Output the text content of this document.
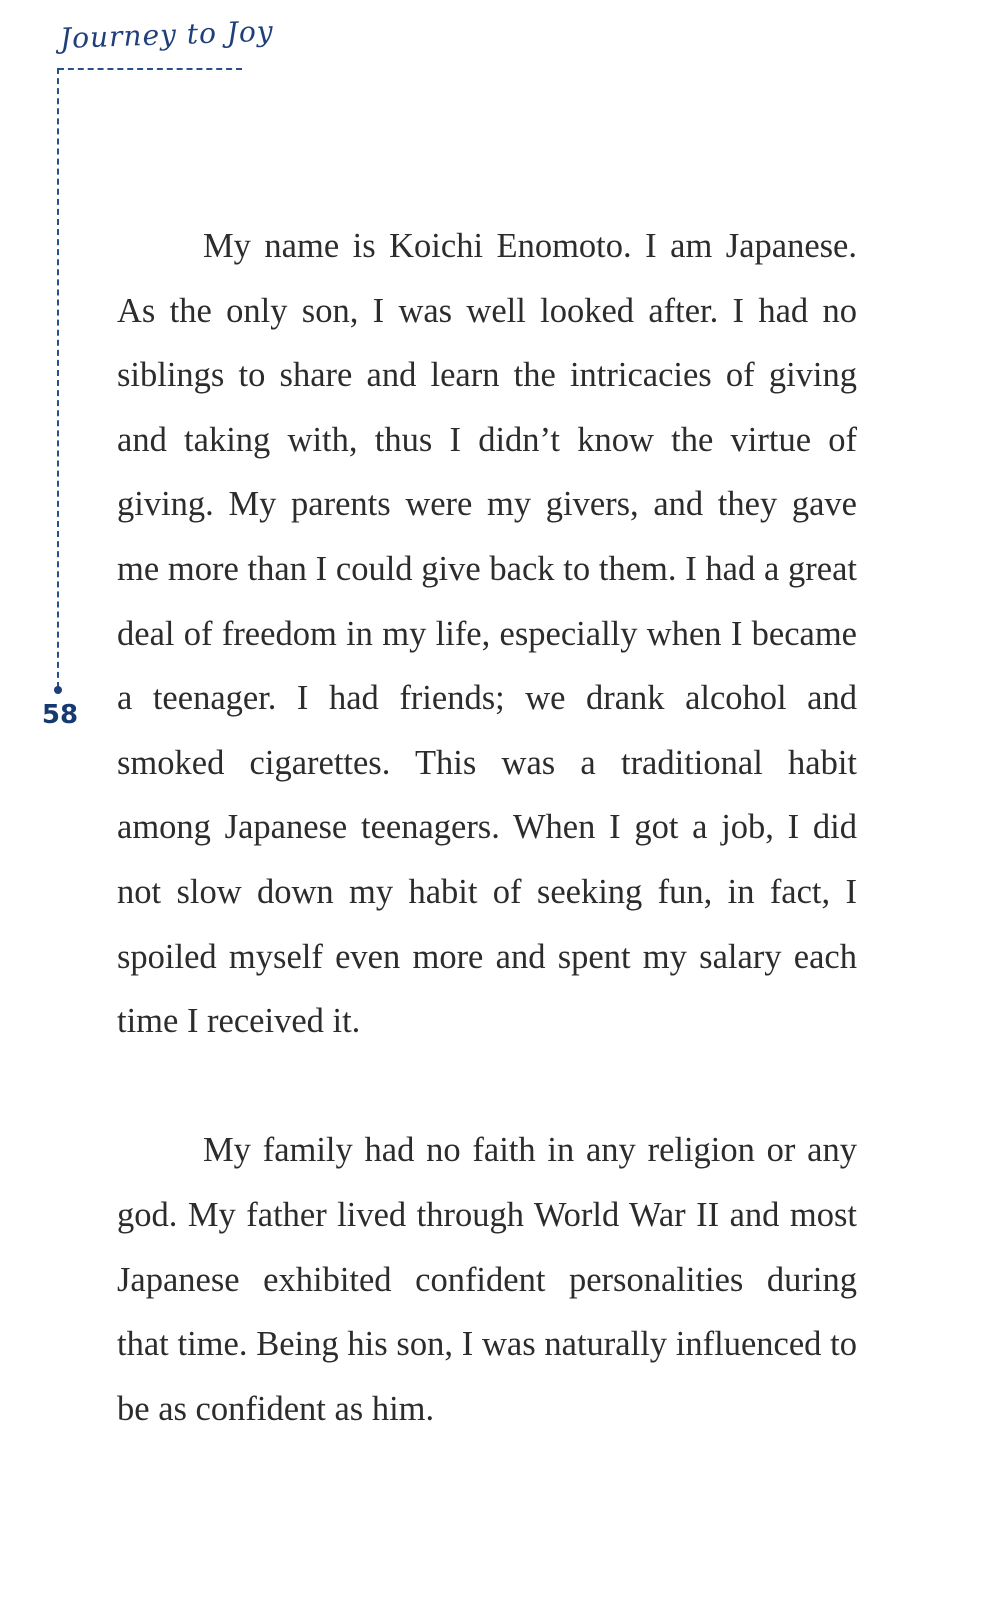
Journey to Joy
58

My name is Koichi Enomoto. I am Japanese. As the only son, I was well looked after. I had no siblings to share and learn the intricacies of giving and taking with, thus I didn’t know the virtue of giving. My parents were my givers, and they gave me more than I could give back to them. I had a great deal of freedom in my life, especially when I became a teenager. I had friends; we drank alcohol and smoked cigarettes. This was a traditional habit among Japanese teenagers. When I got a job, I did not slow down my habit of seeking fun, in fact, I spoiled myself even more and spent my salary each time I received it.

My family had no faith in any religion or any god. My father lived through World War II and most Japanese exhibited confident personalities during that time. Being his son, I was naturally influenced to be as confident as him.
